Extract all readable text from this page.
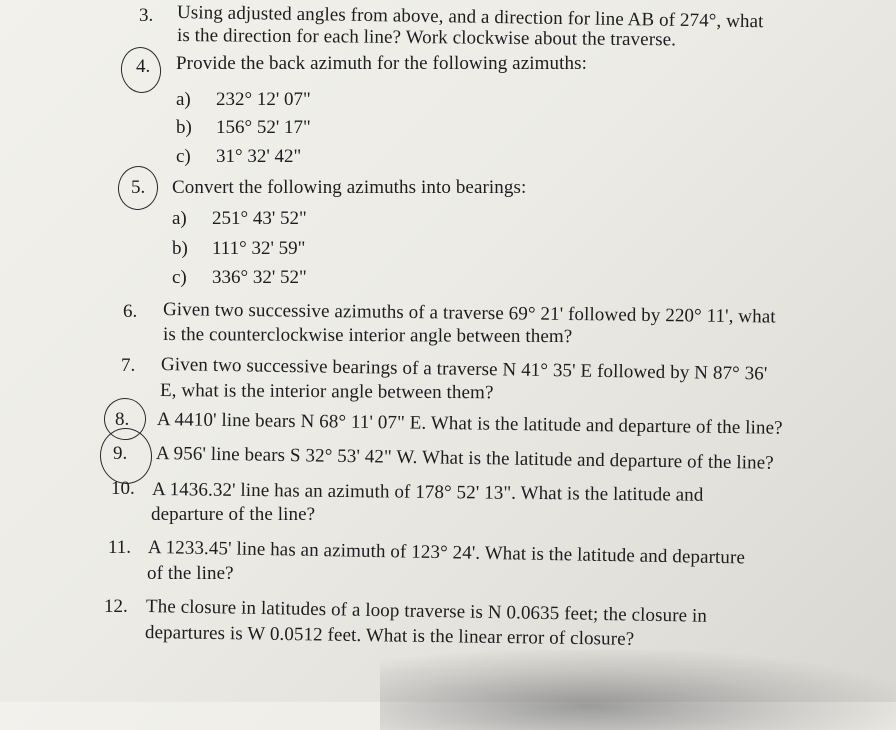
3. Using adjusted angles from above, and a direction for line AB of 274°, what
is the direction for each line? Work clockwise about the traverse.
4. Provide the back azimuth for the following azimuths:
a) 232° 12' 07"
b) 156° 52' 17"
c) 31° 32' 42"
5. Convert the following azimuths into bearings:
a) 251° 43' 52"
b) 111° 32' 59"
c) 336° 32' 52"
6. Given two successive azimuths of a traverse 69° 21' followed by 220° 11', what
is the counterclockwise interior angle between them?
7. Given two successive bearings of a traverse N 41° 35' E followed by N 87° 36'
E, what is the interior angle between them?
8. A 4410' line bears N 68° 11' 07" E. What is the latitude and departure of the line?
9. A 956' line bears S 32° 53' 42" W. What is the latitude and departure of the line?
10. A 1436.32' line has an azimuth of 178° 52' 13". What is the latitude and
departure of the line?
11. A 1233.45' line has an azimuth of 123° 24'. What is the latitude and departure
of the line?
12. The closure in latitudes of a loop traverse is N 0.0635 feet; the closure in
departures is W 0.0512 feet. What is the linear error of closure?
